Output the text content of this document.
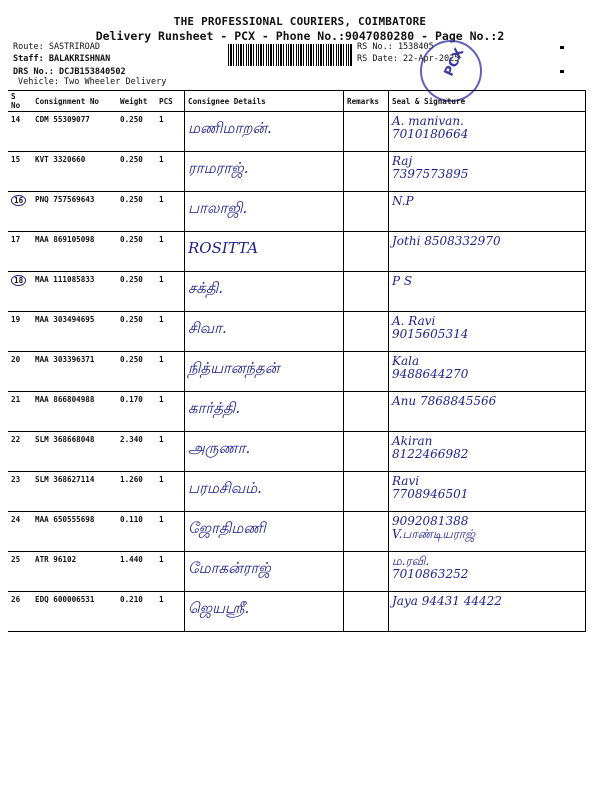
THE PROFESSIONAL COURIERS, COIMBATORE
Delivery Runsheet - PCX - Phone No.:9047080280 - Page No.:2
Route: SASTRIROAD
Staff: BALAKRISHNAN
DRS No.: DCJB153840502
Vehicle: Two Wheeler Delivery
RS No.: 1538405
RS Date: 22-Apr-2025
PCX
S No	Consignment No	Weight	PCS	Consignee Details	Remarks	Seal & Signature
14	CDM 55309077	0.250	1	மணிமாறன்.		A. manivan.
7010180664

15	KVT 3320660	0.250	1	ராமராஜ்.		Raj
7397573895

16	PNQ 757569643	0.250	1	பாலாஜி.		N.P

17	MAA 869105098	0.250	1	ROSITTA		Jothi 8508332970

18	MAA 111085833	0.250	1	சக்தி.		P S

19	MAA 303494695	0.250	1	சிவா.		A. Ravi
9015605314

20	MAA 303396371	0.250	1	நித்யானந்தன்		Kala
9488644270

21	MAA 866804988	0.170	1	கார்த்தி.		Anu 7868845566

22	SLM 368668048	2.340	1	அருணா.		Akiran
8122466982

23	SLM 368627114	1.260	1	பரமசிவம்.		Ravi
7708946501

24	MAA 650555698	0.110	1	ஜோதிமணி		9092081388
V.பாண்டியராஜ்

25	ATR 96102	1.440	1	மோகன்ராஜ்		ம.ரவி.
7010863252

26	EDQ 600006531	0.210	1	ஜெயஸ்ரீ.		Jaya 94431 44422
